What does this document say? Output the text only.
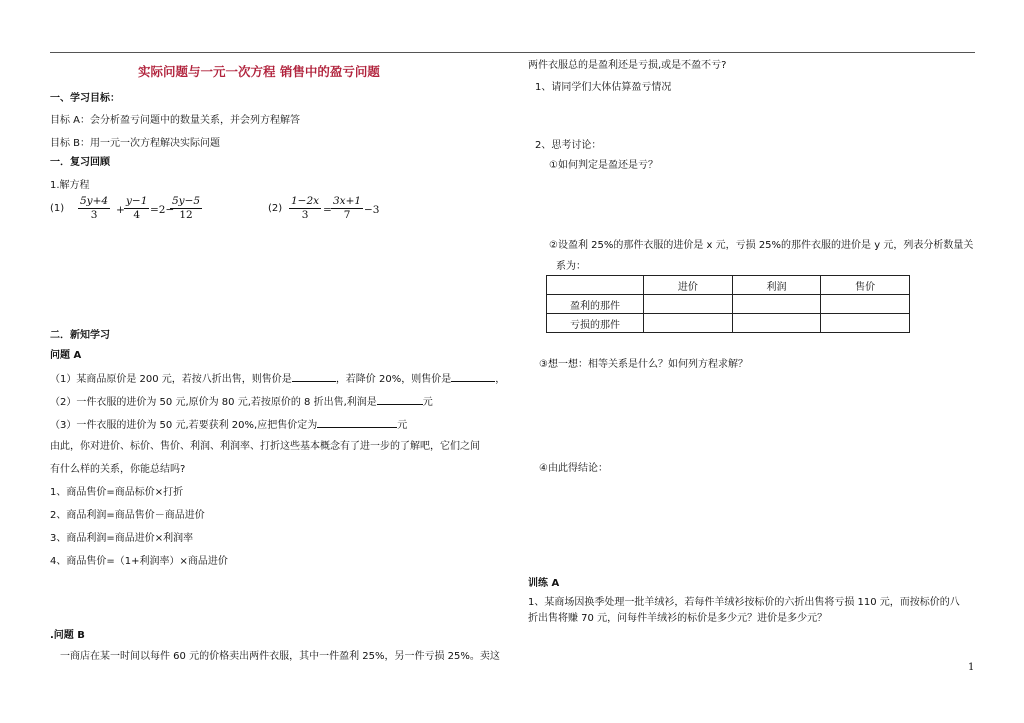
实际问题与一元一次方程 销售中的盈亏问题
一、学习目标：
目标 A：会分析盈亏问题中的数量关系，并会列方程解答
目标 B：用一元一次方程解决实际问题
一．复习回顾
1.解方程
$(1) \frac{5y+4}{3} + \frac{y-1}{4} =2-$
$\frac{5y-5}{12}$	$(2) \frac{1-2x}{3} = \frac{3x+1}{7} -3$
二．新知学习
问题 A
（1）某商品原价是 200 元，若按八折出售，则售价是	，若降价 20%，则售价是	，
（2）一件衣服的进价为 50 元,原价为 80 元,若按原价的 8 折出售,利润是	元
（3）一件衣服的进价为 50 元,若要获利 20%,应把售价定为	元
由此，你对进价、标价、售价、利润、利润率、打折这些基本概念有了进一步的了解吧，它们之间
有什么样的关系，你能总结吗?
1、商品售价=商品标价×打折
2、商品利润=商品售价－商品进价
3、商品利润=商品进价×利润率
4、商品售价=（1+利润率）×商品进价
.问题 B
一商店在某一时间以每件 60 元的价格卖出两件衣服，其中一件盈利 25%，另一件亏损 25%。卖这
两件衣服总的是盈利还是亏损,或是不盈不亏?
1、请同学们大体估算盈亏情况
2、思考讨论：
①如何判定是盈还是亏？
②设盈利 25%的那件衣服的进价是 x 元，亏损 25%的那件衣服的进价是 y 元，列表分析数量关
系为：
	进价	利润	售价
盈利的那件			
亏损的那件			
③想一想：相等关系是什么？如何列方程求解？
④由此得结论：
训练 A
1、某商场因换季处理一批羊绒衫，若每件羊绒衫按标价的六折出售将亏损 110 元，而按标价的八
折出售将赚 70 元，问每件羊绒衫的标价是多少元？进价是多少元？
1
